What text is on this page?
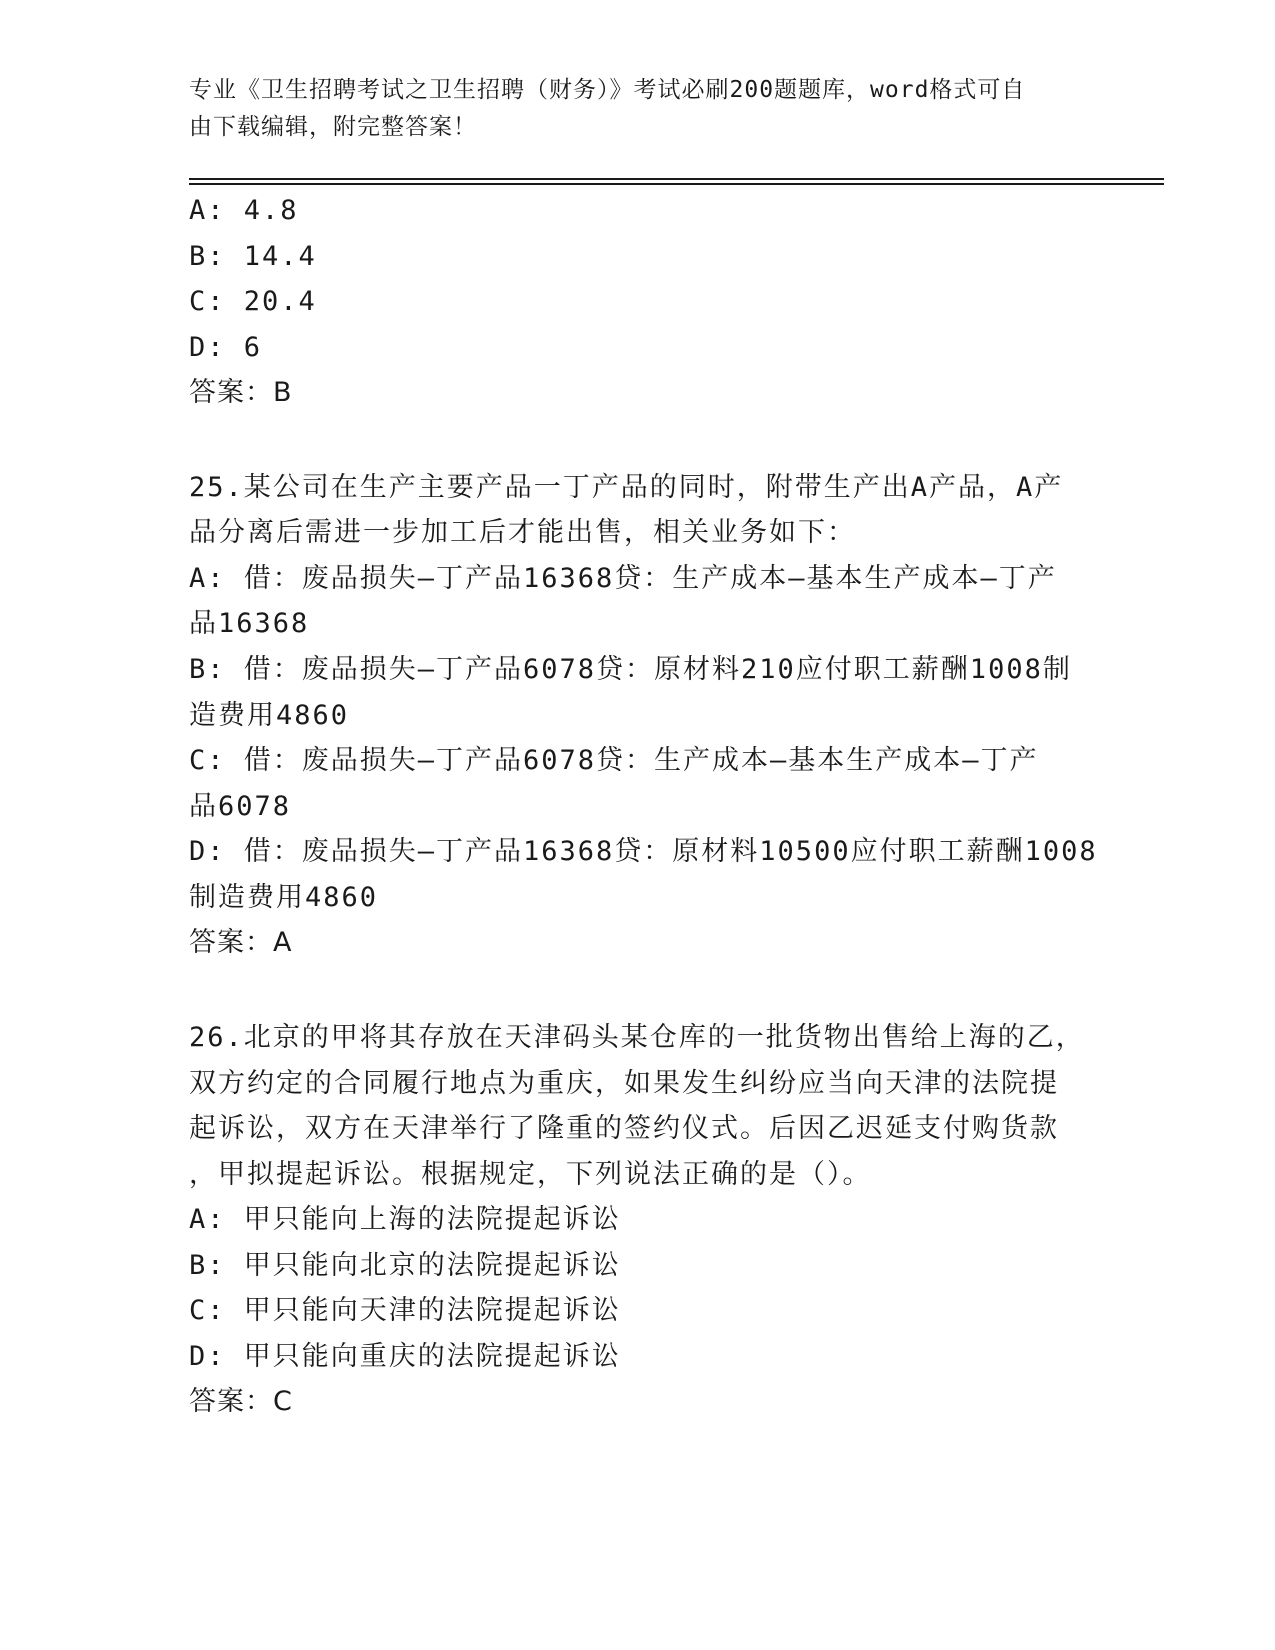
专业《卫生招聘考试之卫生招聘（财务）》考试必刷200题题库，word格式可自
由下载编辑，附完整答案！
A: 4.8
B: 14.4
C: 20.4
D: 6
答案：B
25.某公司在生产主要产品一丁产品的同时，附带生产出A产品，A产
品分离后需进一步加工后才能出售，相关业务如下：
A: 借：废品损失—丁产品16368贷：生产成本—基本生产成本—丁产
品16368
B: 借：废品损失—丁产品6078贷：原材料210应付职工薪酬1008制
造费用4860
C: 借：废品损失—丁产品6078贷：生产成本—基本生产成本—丁产
品6078
D: 借：废品损失—丁产品16368贷：原材料10500应付职工薪酬1008
制造费用4860
答案：A
26.北京的甲将其存放在天津码头某仓库的一批货物出售给上海的乙，
双方约定的合同履行地点为重庆，如果发生纠纷应当向天津的法院提
起诉讼，双方在天津举行了隆重的签约仪式。后因乙迟延支付购货款
，甲拟提起诉讼。根据规定，下列说法正确的是（）。
A: 甲只能向上海的法院提起诉讼
B: 甲只能向北京的法院提起诉讼
C: 甲只能向天津的法院提起诉讼
D: 甲只能向重庆的法院提起诉讼
答案：C
